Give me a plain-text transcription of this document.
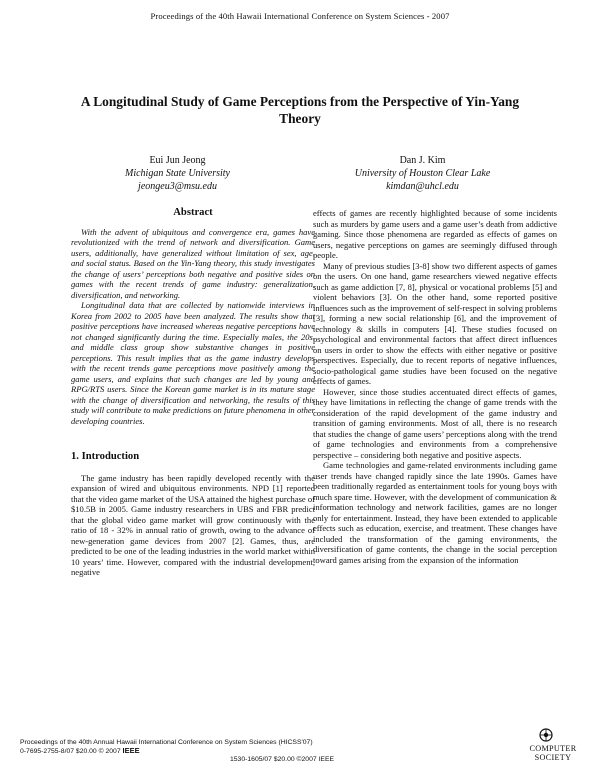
Proceedings of the 40th Hawaii International Conference on System Sciences - 2007
A Longitudinal Study of Game Perceptions from the Perspective of Yin-Yang
Theory
Eui Jun Jeong
Michigan State University
jeongeu3@msu.edu
Dan J. Kim
University of Houston Clear Lake
kimdan@uhcl.edu
Abstract

With the advent of ubiquitous and convergence era, games have revolutionized with the trend of network and diversification. Game users, additionally, have generalized without limitation of sex, age, and social status. Based on the Yin-Yang theory, this study investigates the change of users’ perceptions both negative and positive sides on games with the recent trends of game industry: generalization, diversification, and networking.

Longitudinal data that are collected by nationwide interviews in Korea from 2002 to 2005 have been analyzed. The results show that positive perceptions have increased whereas negative perceptions have not changed significantly during the time. Especially males, the 20s, and middle class group show substantive changes in positive perceptions. This result implies that as the game industry develops with the recent trends game perceptions move positively among the game users, and explains that such changes are led by young and RPG/RTS users. Since the Korean game market is in its mature stage with the change of diversification and networking, the results of this study will contribute to make predictions on future phenomena in other developing countries.

1. Introduction

The game industry has been rapidly developed recently with the expansion of wired and ubiquitous environments. NPD [1] reported that the video game market of the USA attained the highest purchase of $10.5B in 2005. Game industry researchers in UBS and FBR predict that the global video game market will grow continuously with the ratio of 18 - 32% in annual ratio of growth, owing to the advance of new-generation game devices from 2007 [2]. Games, thus, are predicted to be one of the leading industries in the world market within 10 years’ time. However, compared with the industrial development, negative

effects of games are recently highlighted because of some incidents such as murders by game users and a game user’s death from addictive gaming. Since those phenomena are regarded as effects of games on users, negative perceptions on games are seemingly diffused through people.

Many of previous studies [3-8] show two different aspects of games on the users. On one hand, game researchers viewed negative effects such as game addiction [7, 8], physical or vocational problems [5] and violent behaviors [3]. On the other hand, some reported positive influences such as the improvement of self-respect in solving problems [3], forming a new social relationship [6], and the improvement of technology & skills in computers [4]. These studies focused on psychological and environmental factors that affect direct influences on users in order to show the effects with either negative or positive perspectives. Especially, due to recent reports of negative influences, socio-pathological game studies have been focused on the negative effects of games.

However, since those studies accentuated direct effects of games, they have limitations in reflecting the change of game trends with the consideration of the rapid development of the game industry and transition of gaming environments. Most of all, there is no research that studies the change of game users’ perceptions along with the trend of game technologies and environments from a comprehensive perspective – considering both negative and positive aspects.

Game technologies and game-related environments including game user trends have changed rapidly since the late 1990s. Games have been traditionally regarded as entertainment tools for young boys with much spare time. However, with the development of communication & information technology and network facilities, games are no longer only for entertainment. Instead, they have been extended to applicable effects such as education, exercise, and treatment. These changes have included the transformation of the gaming environments, the diversification of game contents, the change in the social perception toward games arising from the expansion of the information

Proceedings of the 40th Annual Hawaii International Conference on System Sciences (HICSS'07)
0-7695-2755-8/07 $20.00 © 2007 IEEE
1530-1605/07 $20.00 ©2007 IEEE
COMPUTER
SOCIETY
